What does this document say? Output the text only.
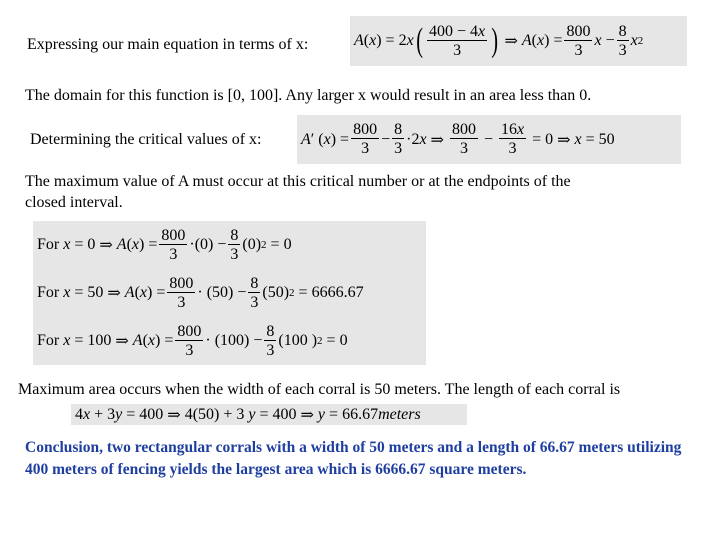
Expressing our main equation in terms of x:	A ( x ) = 2 x ( $\frac{400 - 4x}{3}$ ) ⇒ A ( x ) = $\frac{800}{3}$ $x - \frac{8}{3}$ x 2
The domain for this function is [0, 100]. Any larger x would result in an area less than 0.
Determining the critical values of x: A ′ ( x ) = $\frac{800}{3} - \frac{8}{3} \cdot 2$ x ⇒ $\frac{800}{3} - \frac{16x}{3} = 0$ ⇒ x = 50
The maximum value of A must occur at this critical number or at the endpoints of the
closed interval.
For
x = 0 ⇒ A ( x ) = $\frac{800}{3}$ ·( 0 ) − $\frac{8}{3}$ ( 0 ) 2 = 0
For
x = 50 ⇒ A ( x ) = $\frac{800}{3}$ · ( 50 ) − $\frac{8}{3}$ ( 50 ) 2 = 6666.67
For
x = 100 ⇒ A ( x ) = $\frac{800}{3}$ · ( 100 ) − $\frac{8}{3}$ ( 100 ) 2 = 0
Maximum area occurs when the width of each corral is 50 meters. The length of each corral is
4 x + 3 y = 400 ⇒ 4 ( 50 ) + 3 y = 400 ⇒ y = 66.67 meters
Conclusion, two rectangular corrals with a width of 50 meters and a length of 66.67 meters utilizing 400 meters of fencing yields the largest area which is 6666.67 square meters.
